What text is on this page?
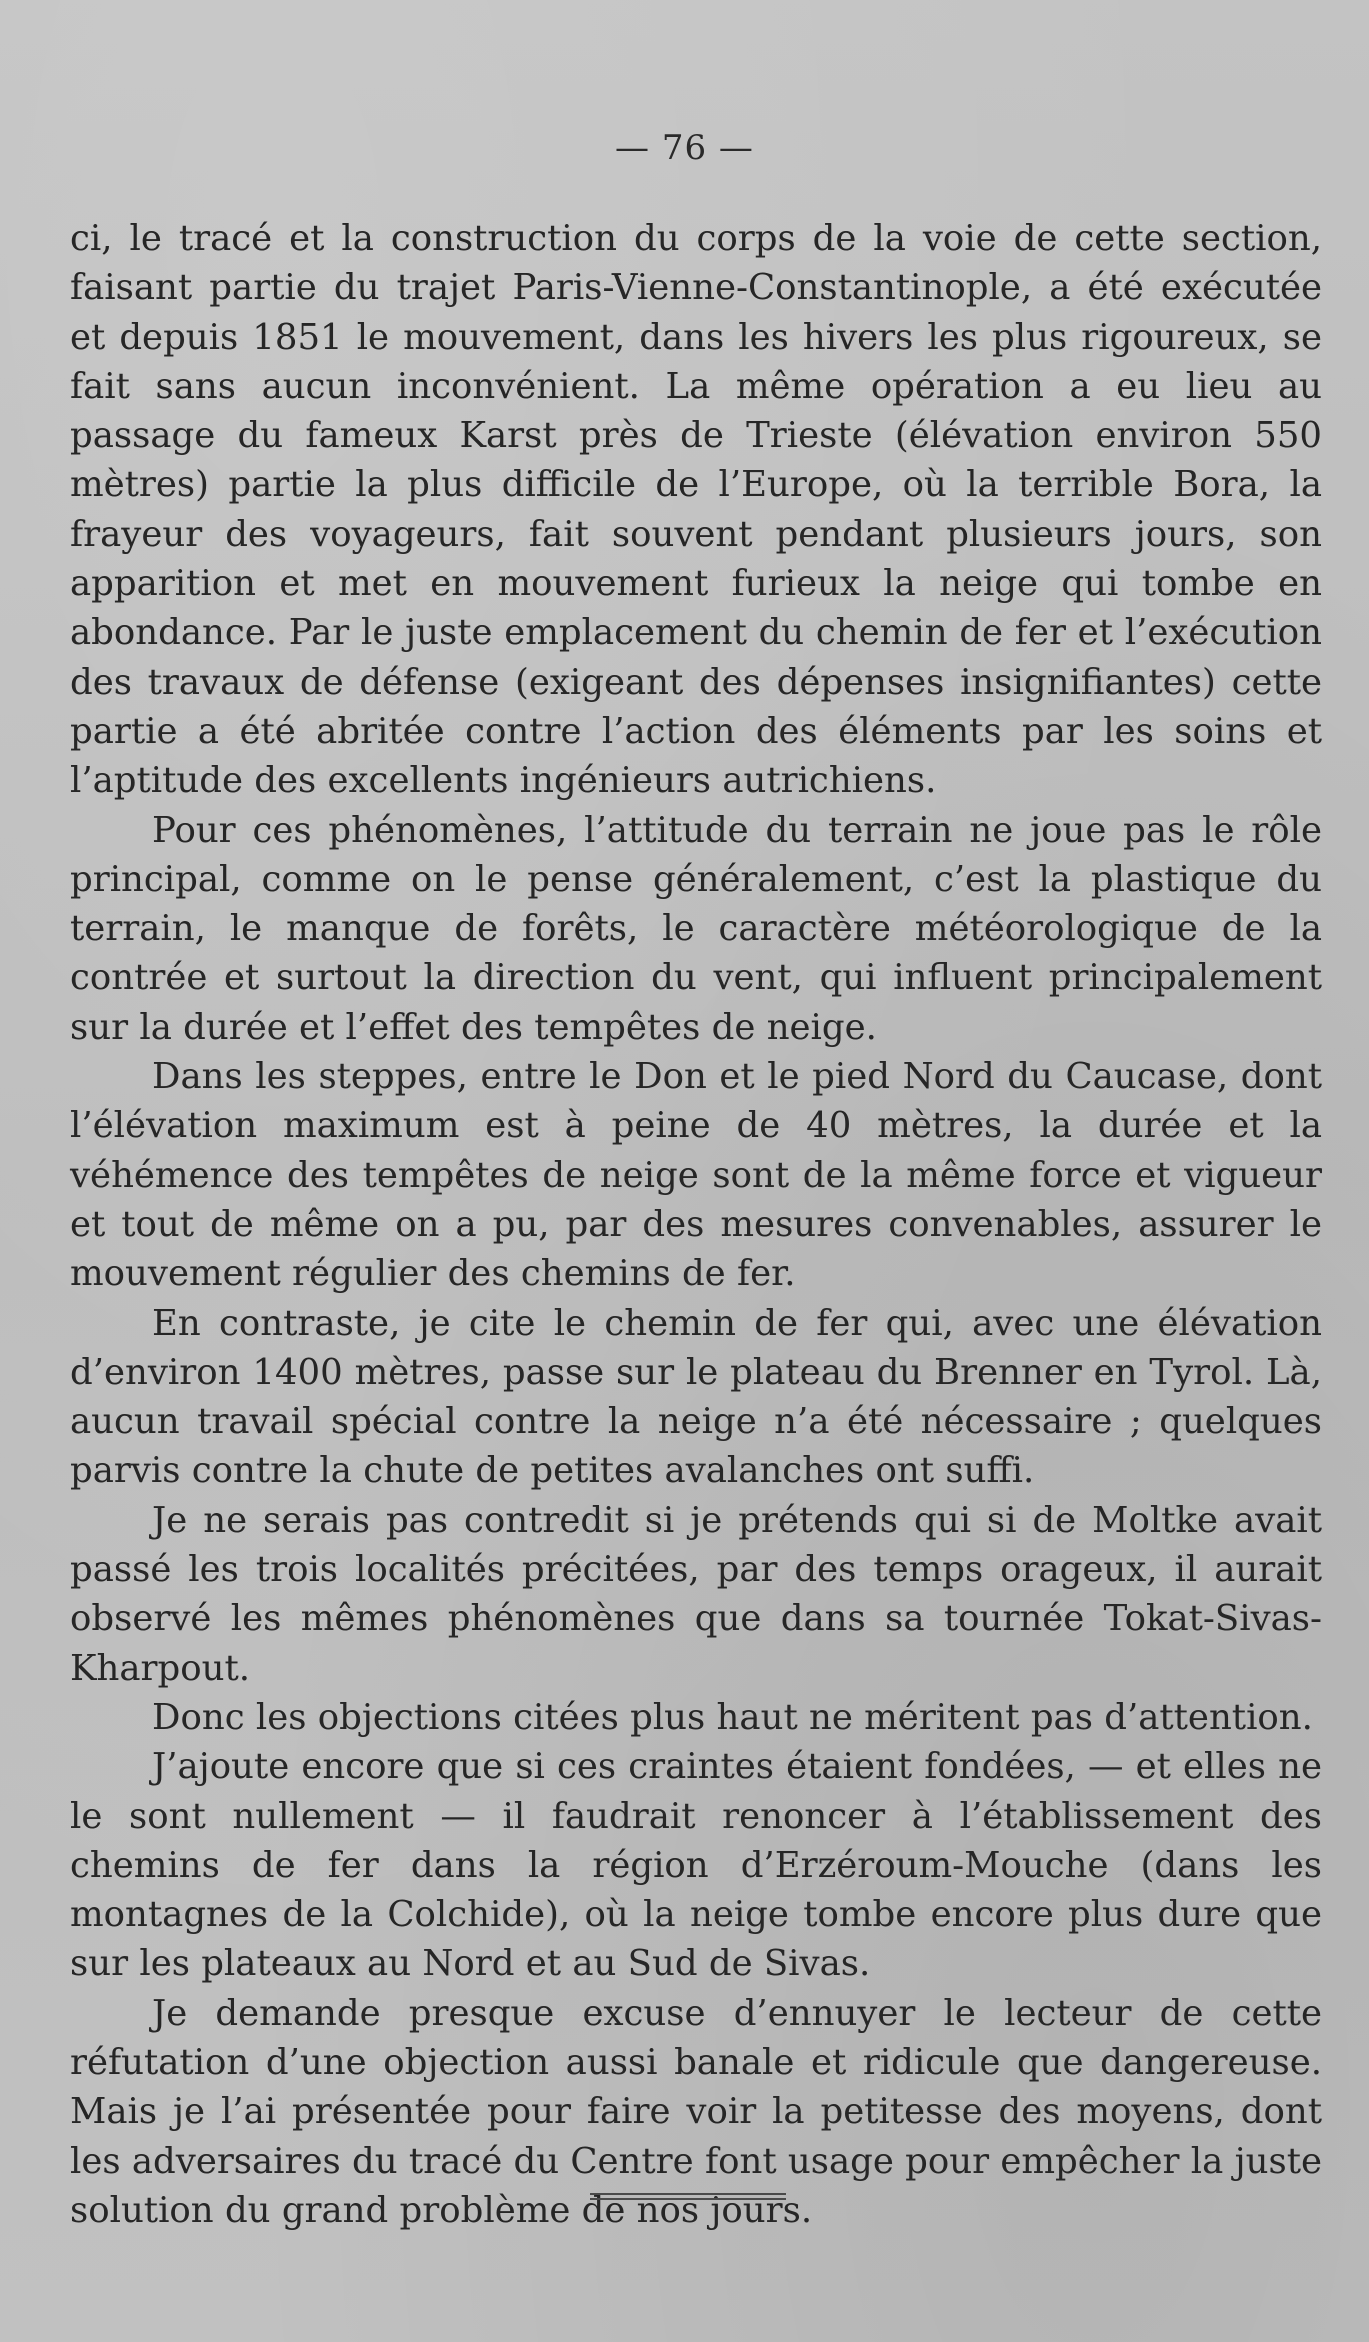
— 76 —

ci, le tracé et la construction du corps de la voie de cette section, faisant partie du trajet Paris-Vienne-Constantinople, a été exécutée et depuis 1851 le mouvement, dans les hivers les plus rigoureux, se fait sans aucun inconvénient. La même opération a eu lieu au passage du fameux Karst près de Trieste (élévation environ 550 mètres) partie la plus difficile de l’Europe, où la terrible Bora, la frayeur des voyageurs, fait souvent pendant plusieurs jours, son apparition et met en mouvement furieux la neige qui tombe en abondance. Par le juste emplacement du chemin de fer et l’exécution des travaux de défense (exigeant des dépenses insignifiantes) cette partie a été abritée contre l’action des éléments par les soins et l’aptitude des excellents ingénieurs autrichiens.

Pour ces phénomènes, l’attitude du terrain ne joue pas le rôle principal, comme on le pense généralement, c’est la plastique du terrain, le manque de forêts, le caractère météorologique de la contrée et surtout la direction du vent, qui influent principalement sur la durée et l’effet des tempêtes de neige.

Dans les steppes, entre le Don et le pied Nord du Caucase, dont l’élévation maximum est à peine de 40 mètres, la durée et la véhémence des tempêtes de neige sont de la même force et vigueur et tout de même on a pu, par des mesures convenables, assurer le mouvement régulier des chemins de fer.

En contraste, je cite le chemin de fer qui, avec une élévation d’environ 1400 mètres, passe sur le plateau du Brenner en Tyrol. Là, aucun travail spécial contre la neige n’a été nécessaire ; quelques parvis contre la chute de petites avalanches ont suffi.

Je ne serais pas contredit si je prétends qui si de Moltke avait passé les trois localités précitées, par des temps orageux, il aurait observé les mêmes phénomènes que dans sa tournée Tokat-Sivas-Kharpout.

Donc les objections citées plus haut ne méritent pas d’attention.

J’ajoute encore que si ces craintes étaient fondées, — et elles ne le sont nullement — il faudrait renoncer à l’établissement des chemins de fer dans la région d’Erzéroum-Mouche (dans les montagnes de la Colchide), où la neige tombe encore plus dure que sur les plateaux au Nord et au Sud de Sivas.

Je demande presque excuse d’ennuyer le lecteur de cette réfutation d’une objection aussi banale et ridicule que dangereuse. Mais je l’ai présentée pour faire voir la petitesse des moyens, dont les adversaires du tracé du Centre font usage pour empêcher la juste solution du grand problème de nos jours.
